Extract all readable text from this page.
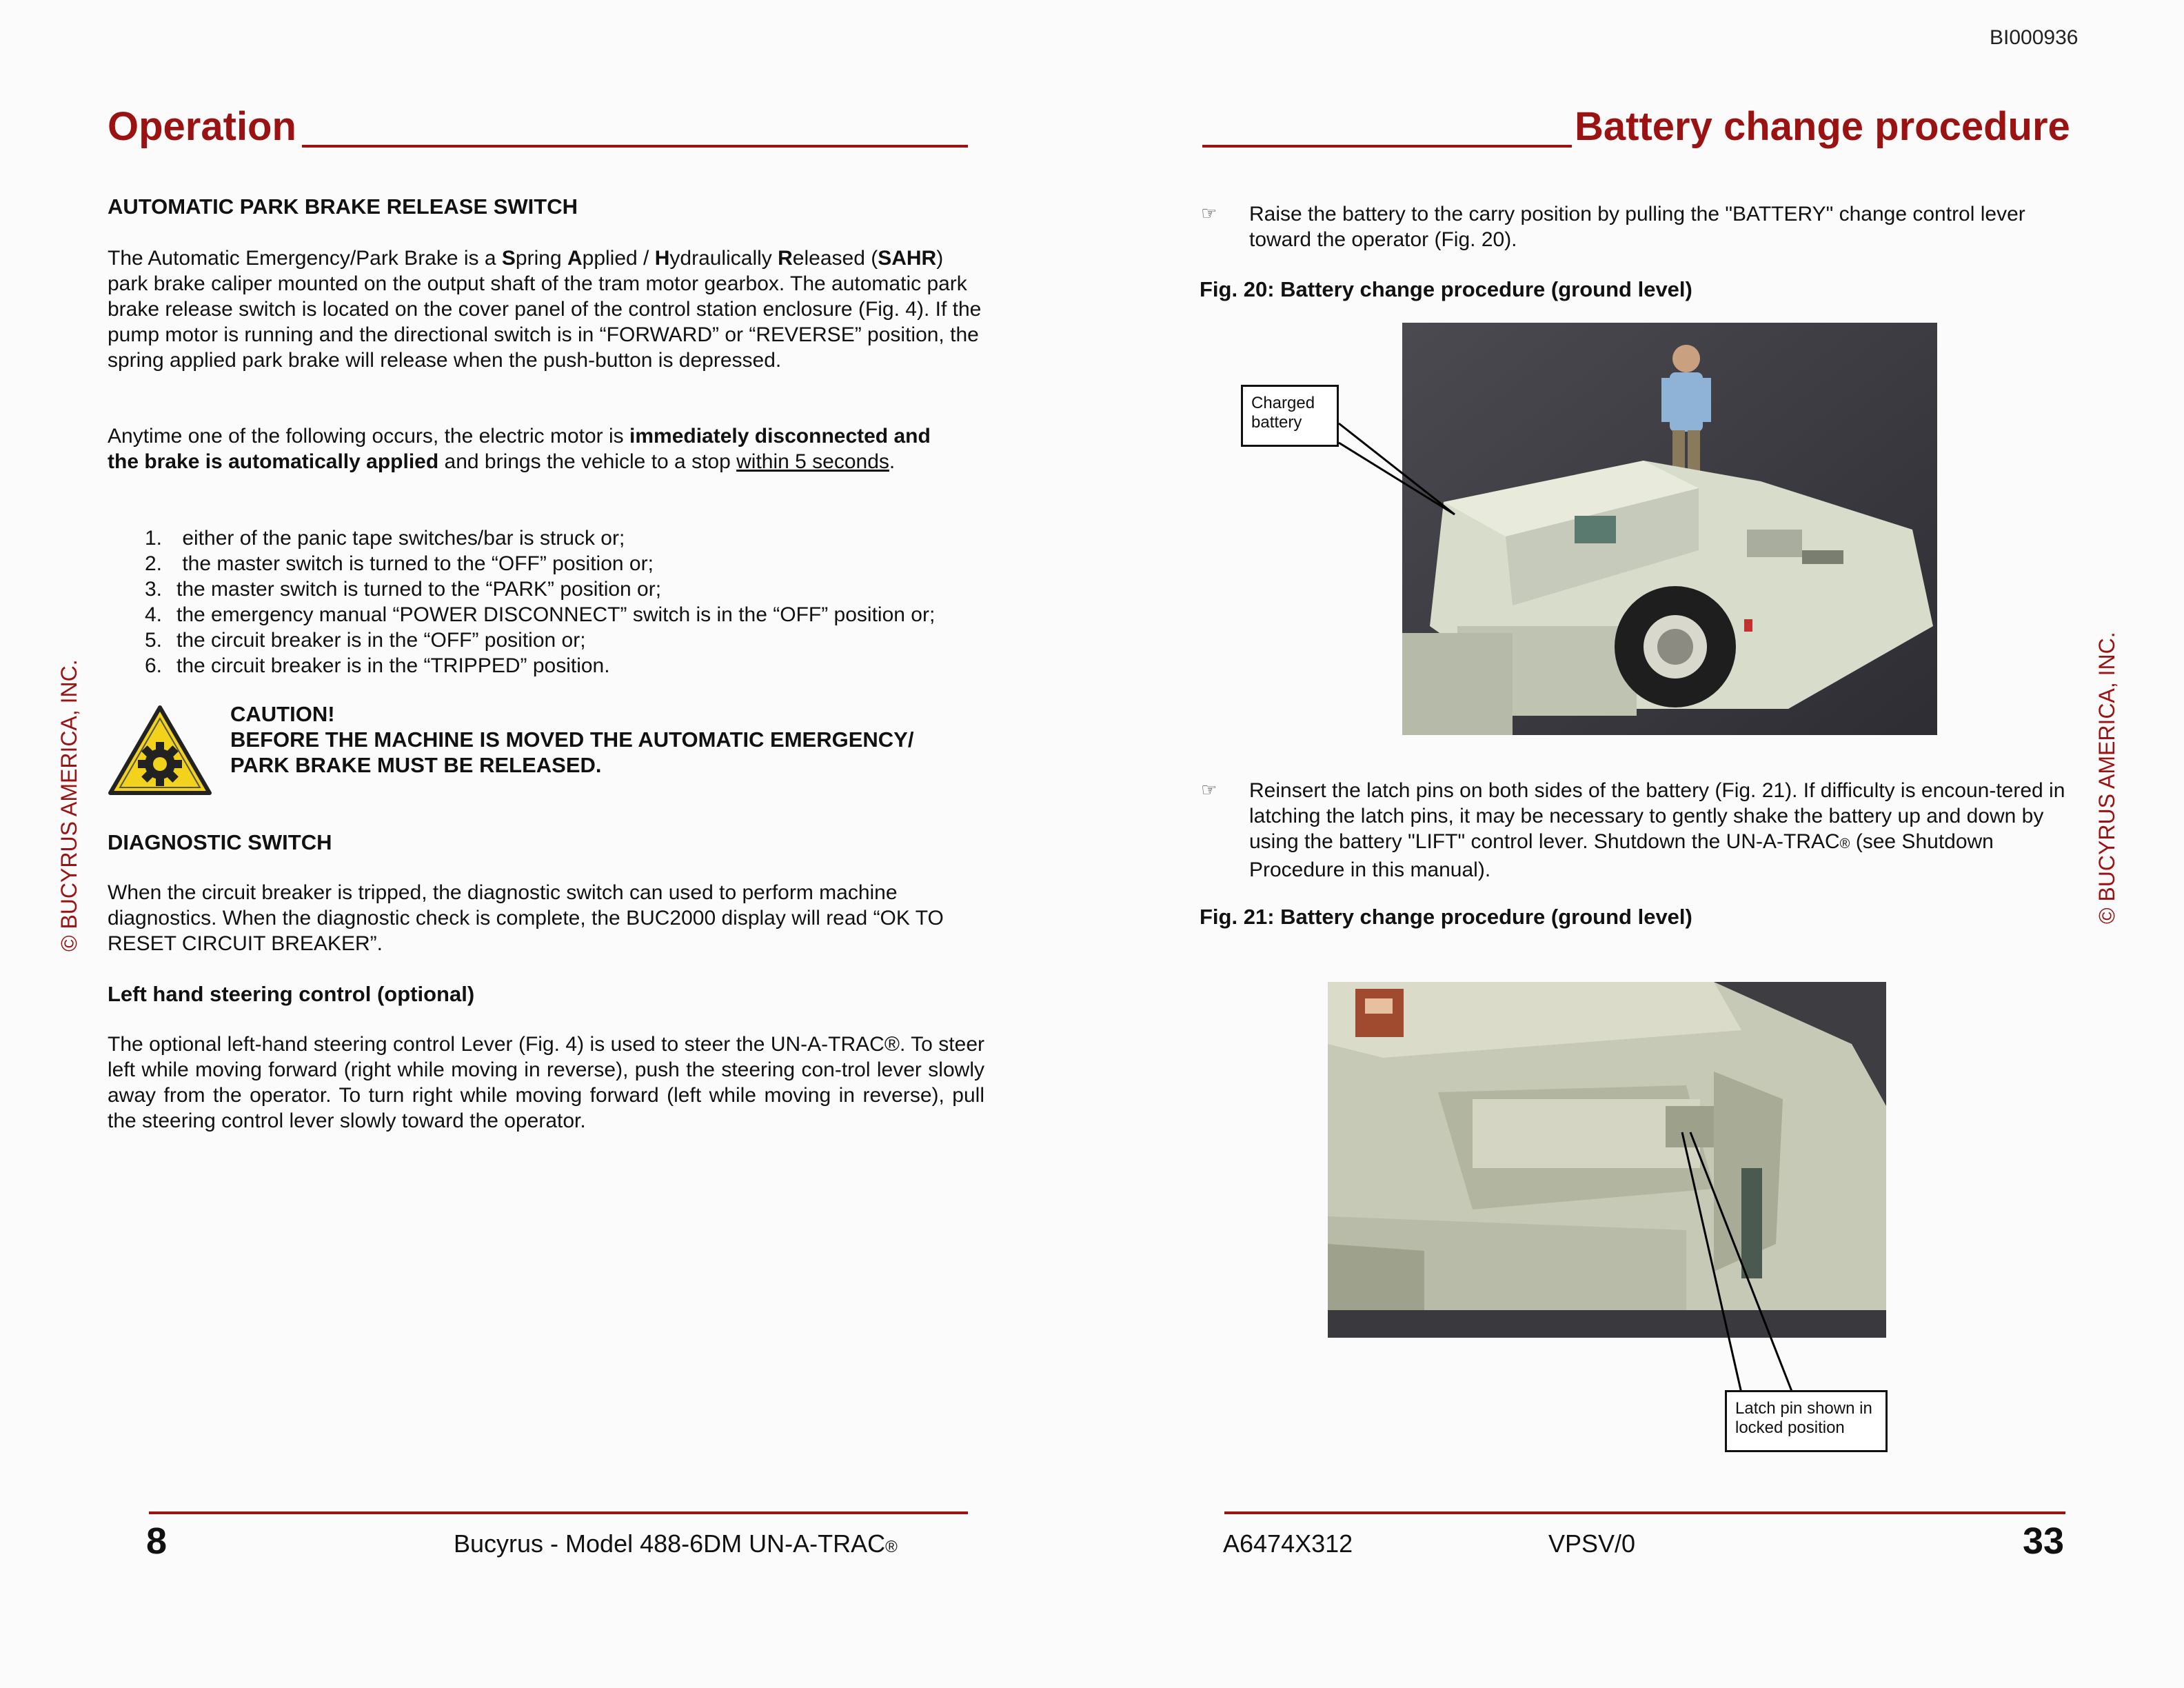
BI000936
Operation	Battery change procedure
© BUCYRUS AMERICA, INC.	© BUCYRUS AMERICA, INC.
AUTOMATIC PARK BRAKE RELEASE SWITCH
The Automatic Emergency/Park Brake is a Spring Applied / Hydraulically Released (SAHR) park brake caliper mounted on the output shaft of the tram motor gearbox. The automatic park brake release switch is located on the cover panel of the control station enclosure (Fig. 4). If the pump motor is running and the directional switch is in “FORWARD” or “REVERSE” position, the spring applied park brake will release when the push-button is depressed.
Anytime one of the following occurs, the electric motor is immediately disconnected and the brake is automatically applied and brings the vehicle to a stop within 5 seconds.
1. either of the panic tape switches/bar is struck or;
2. the master switch is turned to the “OFF” position or;
3. the master switch is turned to the “PARK” position or;
4. the emergency manual “POWER DISCONNECT” switch is in the “OFF” position or;
5. the circuit breaker is in the “OFF” position or;
6. the circuit breaker is in the “TRIPPED” position.
CAUTION!
BEFORE THE MACHINE IS MOVED THE AUTOMATIC EMERGENCY/
PARK BRAKE MUST BE RELEASED.
DIAGNOSTIC SWITCH
When the circuit breaker is tripped, the diagnostic switch can used to perform machine diagnostics. When the diagnostic check is complete, the BUC2000 display will read “OK TO RESET CIRCUIT BREAKER”.
Left hand steering control (optional)
The optional left-hand steering control Lever (Fig. 4) is used to steer the UN-A-TRAC®. To steer left while moving forward (right while moving in reverse), push the steering con-trol lever slowly away from the operator. To turn right while moving forward (left while moving in reverse), pull the steering control lever slowly toward the operator.
8	Bucyrus - Model 488-6DM UN-A-TRAC®
☞ Raise the battery to the carry position by pulling the "BATTERY" change control lever toward the operator (Fig. 20).
Fig. 20: Battery change procedure (ground level)
Charged
battery
☞ Reinsert the latch pins on both sides of the battery (Fig. 21). If difficulty is encoun-tered in latching the latch pins, it may be necessary to gently shake the battery up and down by using the battery "LIFT" control lever. Shutdown the UN-A-TRAC® (see Shutdown Procedure in this manual).
Fig. 21: Battery change procedure (ground level)
Latch pin shown in
locked position
A6474X312	VPSV/0	33
